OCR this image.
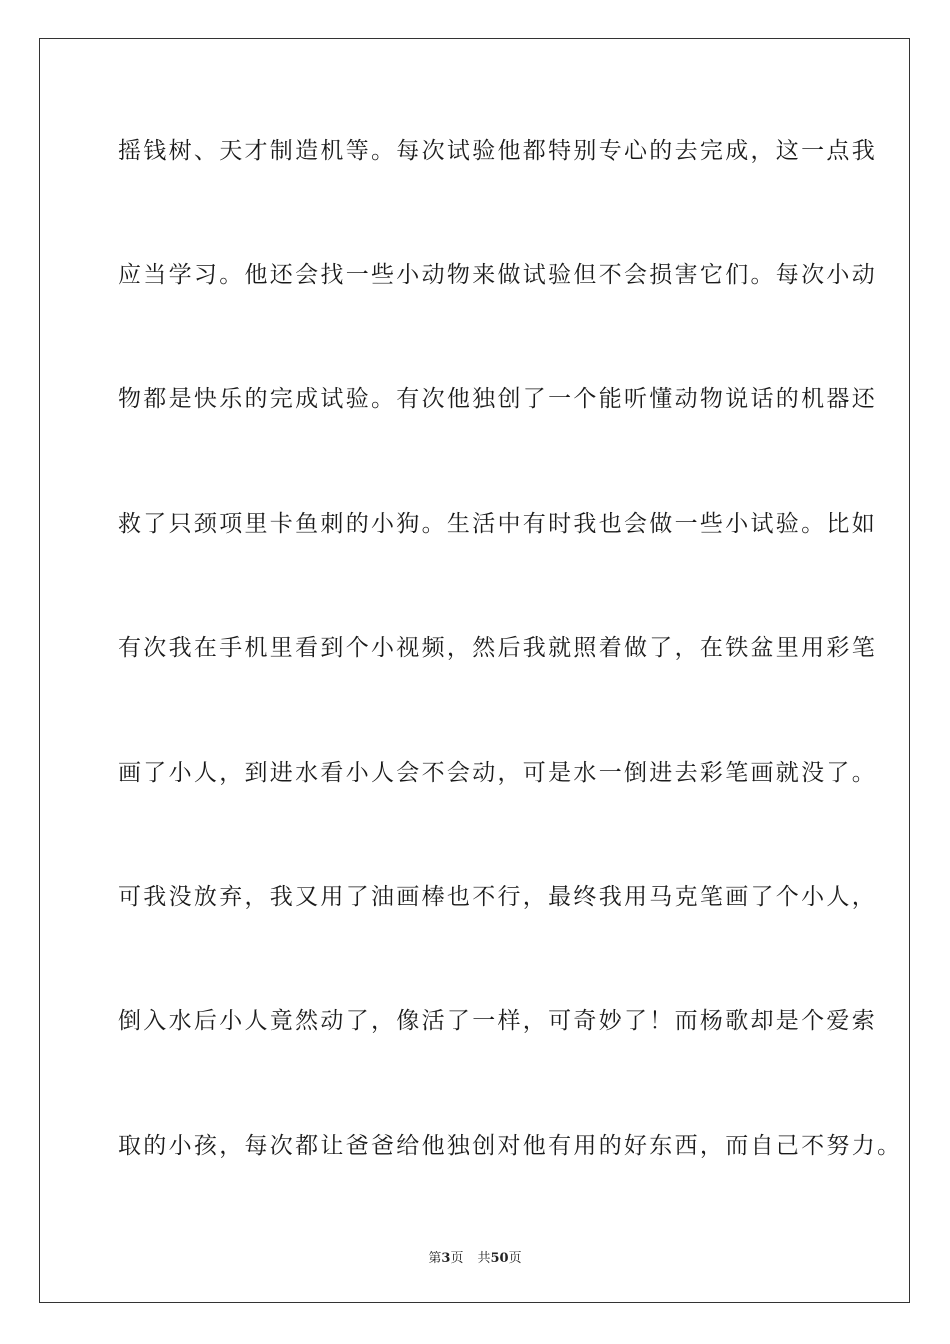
摇钱树、天才制造机等。每次试验他都特别专心的去完成，这一点我
应当学习。他还会找一些小动物来做试验但不会损害它们。每次小动
物都是快乐的完成试验。有次他独创了一个能听懂动物说话的机器还
救了只颈项里卡鱼刺的小狗。生活中有时我也会做一些小试验。比如
有次我在手机里看到个小视频，然后我就照着做了，在铁盆里用彩笔
画了小人，到进水看小人会不会动，可是水一倒进去彩笔画就没了。
可我没放弃，我又用了油画棒也不行，最终我用马克笔画了个小人，
倒入水后小人竟然动了，像活了一样，可奇妙了！而杨歌却是个爱索
取的小孩，每次都让爸爸给他独创对他有用的好东西，而自己不努力。
第3页 共50页
